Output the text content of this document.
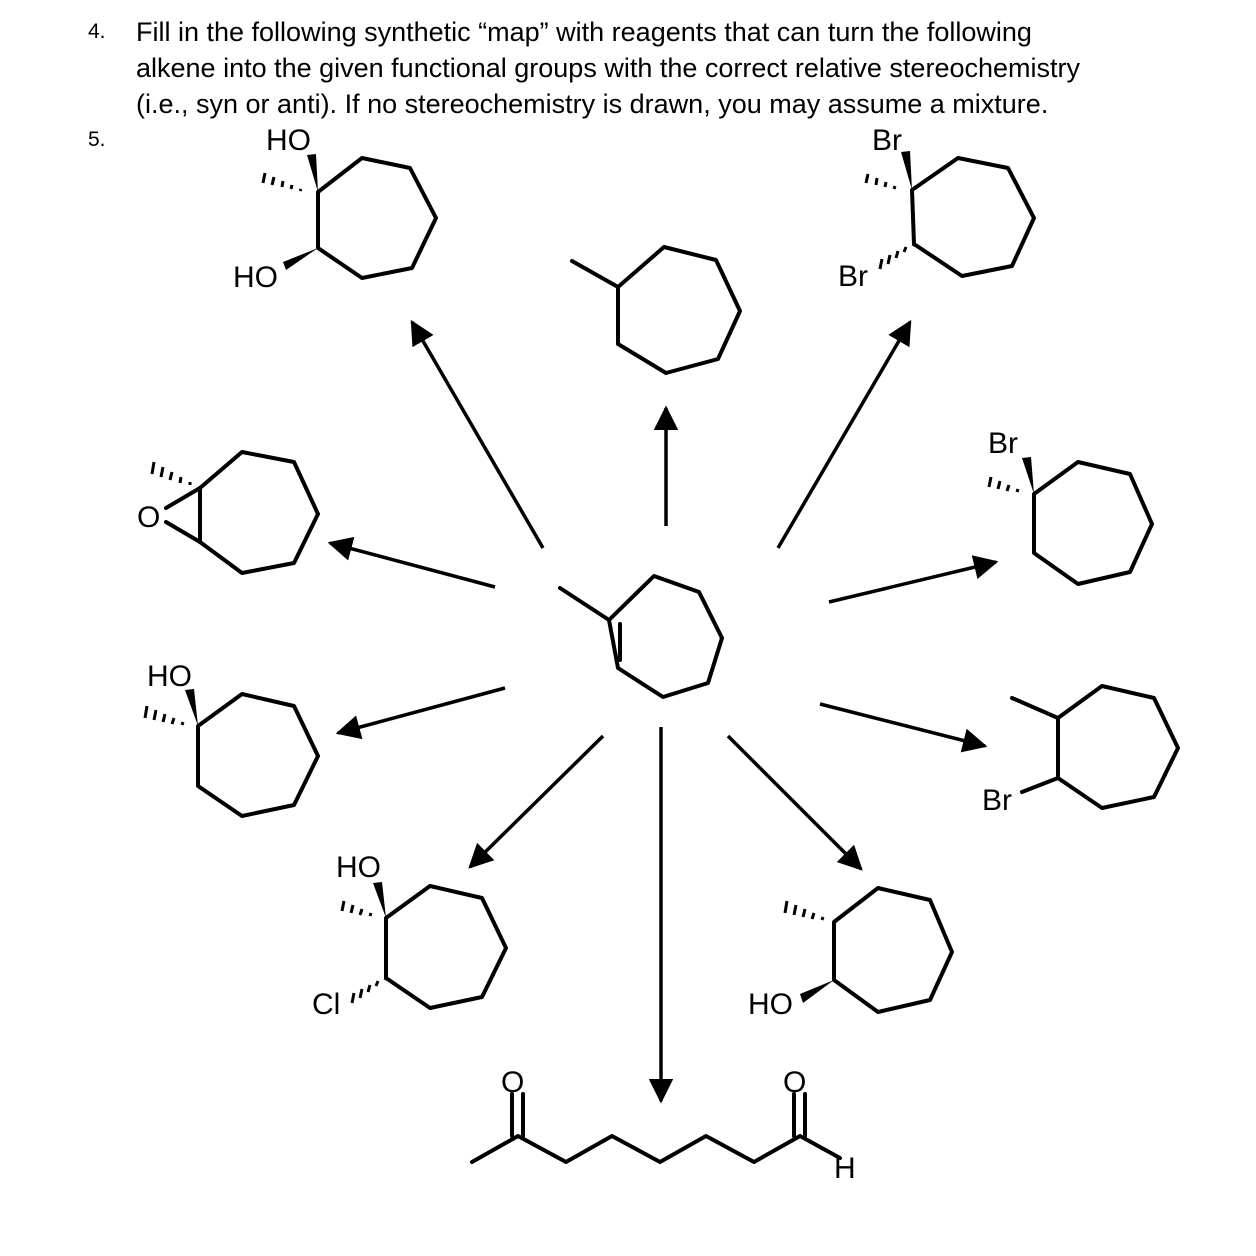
4. Fill in the following synthetic “map” with reagents that can turn the following
alkene into the given functional groups with the correct relative stereochemistry
(i.e., syn or anti). If no stereochemistry is drawn, you may assume a mixture.
5.	HO
HO
Br
Br
O
Br
HO
Br
HO
Cl	HO
O	O
H
